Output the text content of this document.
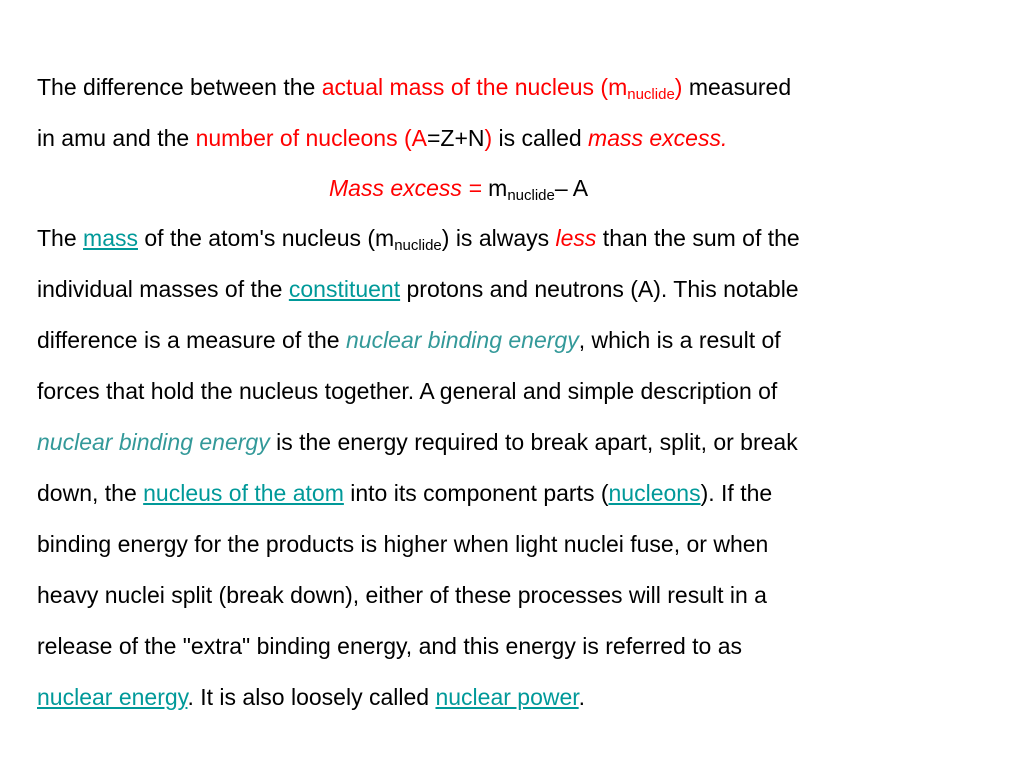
The difference between the actual mass of the nucleus $(m_{nuclide})$ measured
in amu and the number of nucleons (A=Z+N) is called mass excess.
Mass excess = $m_{nuclide}-$ A
The mass of the atom's nucleus $(m_{nuclide})$ is always less than the sum of the
individual masses of the constituent protons and neutrons (A). This notable
difference is a measure of the nuclear binding energy, which is a result of
forces that hold the nucleus together. A general and simple description of
nuclear binding energy is the energy required to break apart, split, or break
down, the nucleus of the atom into its component parts (nucleons). If the
binding energy for the products is higher when light nuclei fuse, or when
heavy nuclei split (break down), either of these processes will result in a
release of the "extra" binding energy, and this energy is referred to as
nuclear energy. It is also loosely called nuclear power.
